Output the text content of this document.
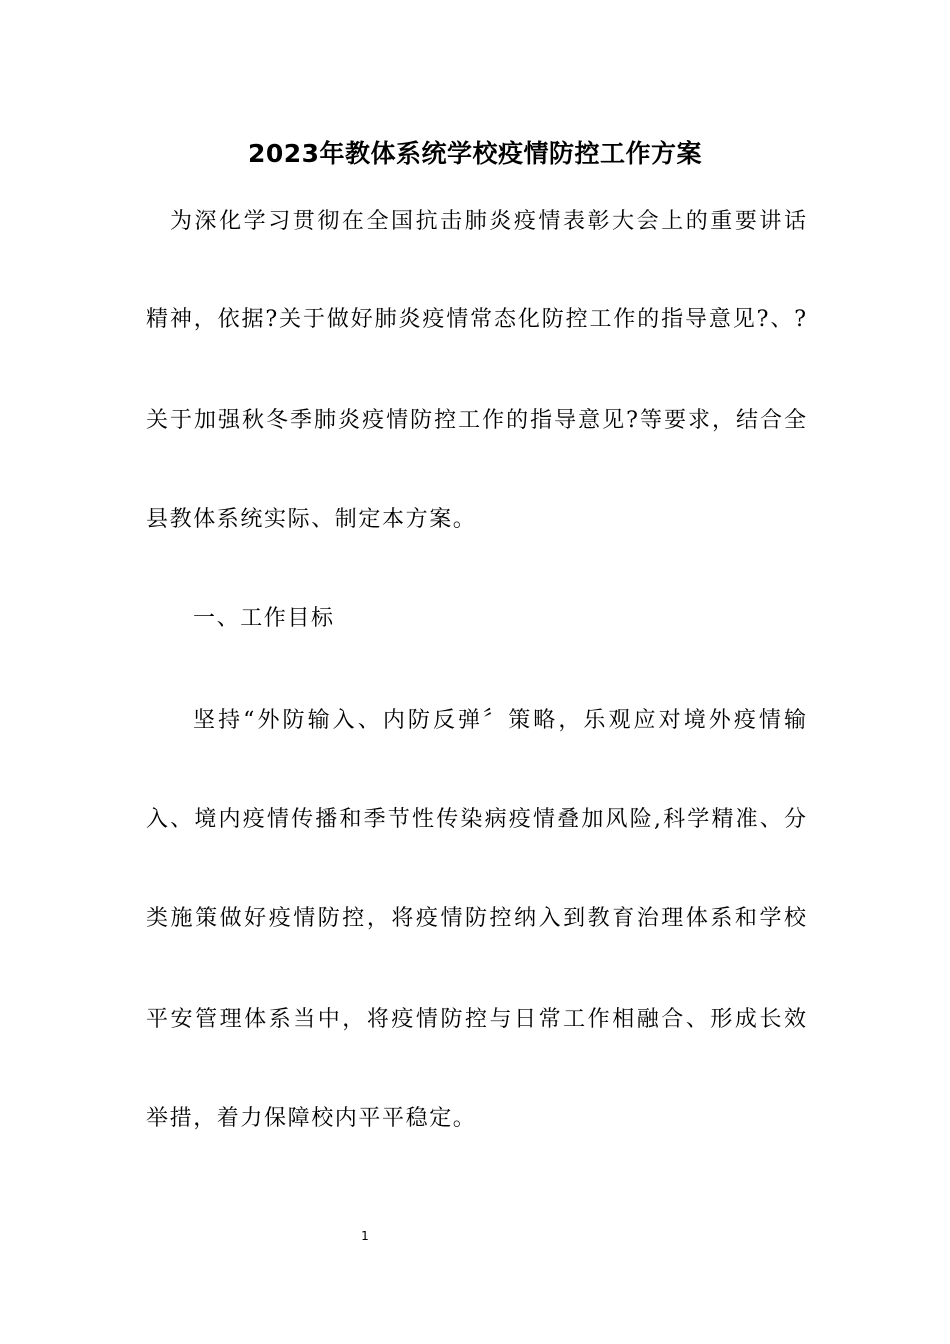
2023年教体系统学校疫情防控工作方案
为深化学习贯彻在全国抗击肺炎疫情表彰大会上的重要讲话
精神，依据?关于做好肺炎疫情常态化防控工作的指导意见?、?
关于加强秋冬季肺炎疫情防控工作的指导意见?等要求，结合全
县教体系统实际、制定本方案。
一、工作目标
坚持“外防输入、内防反弹〞策略，乐观应对境外疫情输
入、境内疫情传播和季节性传染病疫情叠加风险,科学精准、分
类施策做好疫情防控，将疫情防控纳入到教育治理体系和学校
平安管理体系当中，将疫情防控与日常工作相融合、形成长效
举措，着力保障校内平平稳定。
1
